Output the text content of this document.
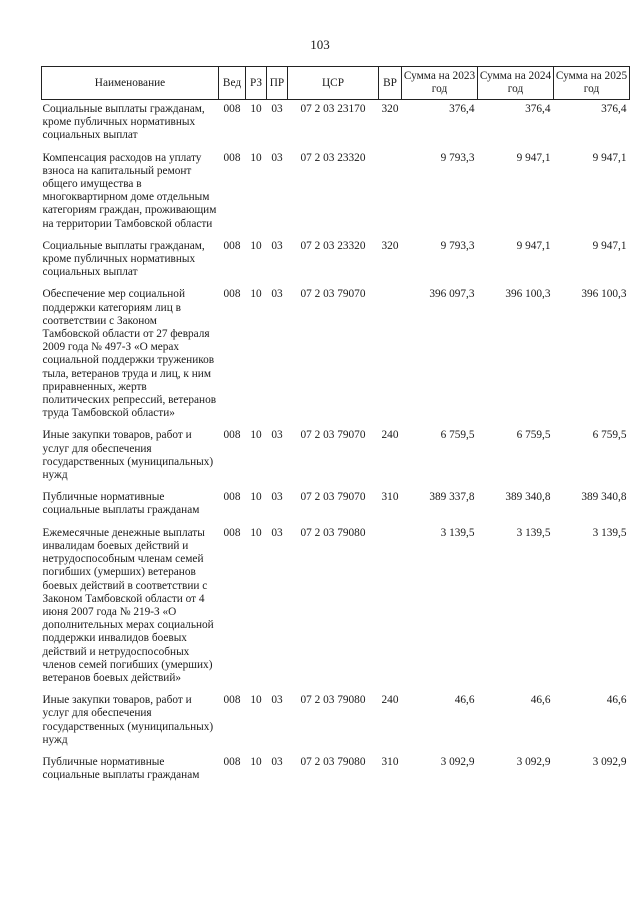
103
Наименование	Вед	РЗ	ПР	ЦСР	ВР	Сумма на 2023 год	Сумма на 2024 год	Сумма на 2025 год
Социальные выплаты гражданам, кроме публичных нормативных социальных выплат	008	10	03	07 2 03 23170	320	376,4	376,4	376,4
Компенсация расходов на уплату взноса на капитальный ремонт общего имущества в многоквартирном доме отдельным категориям граждан, проживающим на территории Тамбовской области	008	10	03	07 2 03 23320		9 793,3	9 947,1	9 947,1
Социальные выплаты гражданам, кроме публичных нормативных социальных выплат	008	10	03	07 2 03 23320	320	9 793,3	9 947,1	9 947,1
Обеспечение мер социальной поддержки категориям лиц в соответствии с Законом Тамбовской области от 27 февраля 2009 года № 497-З «О мерах социальной поддержки тружеников тыла, ветеранов труда и лиц, к ним приравненных, жертв политических репрессий, ветеранов труда Тамбовской области»	008	10	03	07 2 03 79070		396 097,3	396 100,3	396 100,3
Иные закупки товаров, работ и услуг для обеспечения государственных (муниципальных) нужд	008	10	03	07 2 03 79070	240	6 759,5	6 759,5	6 759,5
Публичные нормативные социальные выплаты гражданам	008	10	03	07 2 03 79070	310	389 337,8	389 340,8	389 340,8
Ежемесячные денежные выплаты инвалидам боевых действий и нетрудоспособным членам семей погибших (умерших) ветеранов боевых действий в соответствии с Законом Тамбовской области от 4 июня 2007 года № 219-З «О дополнительных мерах социальной поддержки инвалидов боевых действий и нетрудоспособных членов семей погибших (умерших) ветеранов боевых действий»	008	10	03	07 2 03 79080		3 139,5	3 139,5	3 139,5
Иные закупки товаров, работ и услуг для обеспечения государственных (муниципальных) нужд	008	10	03	07 2 03 79080	240	46,6	46,6	46,6
Публичные нормативные социальные выплаты гражданам	008	10	03	07 2 03 79080	310	3 092,9	3 092,9	3 092,9
